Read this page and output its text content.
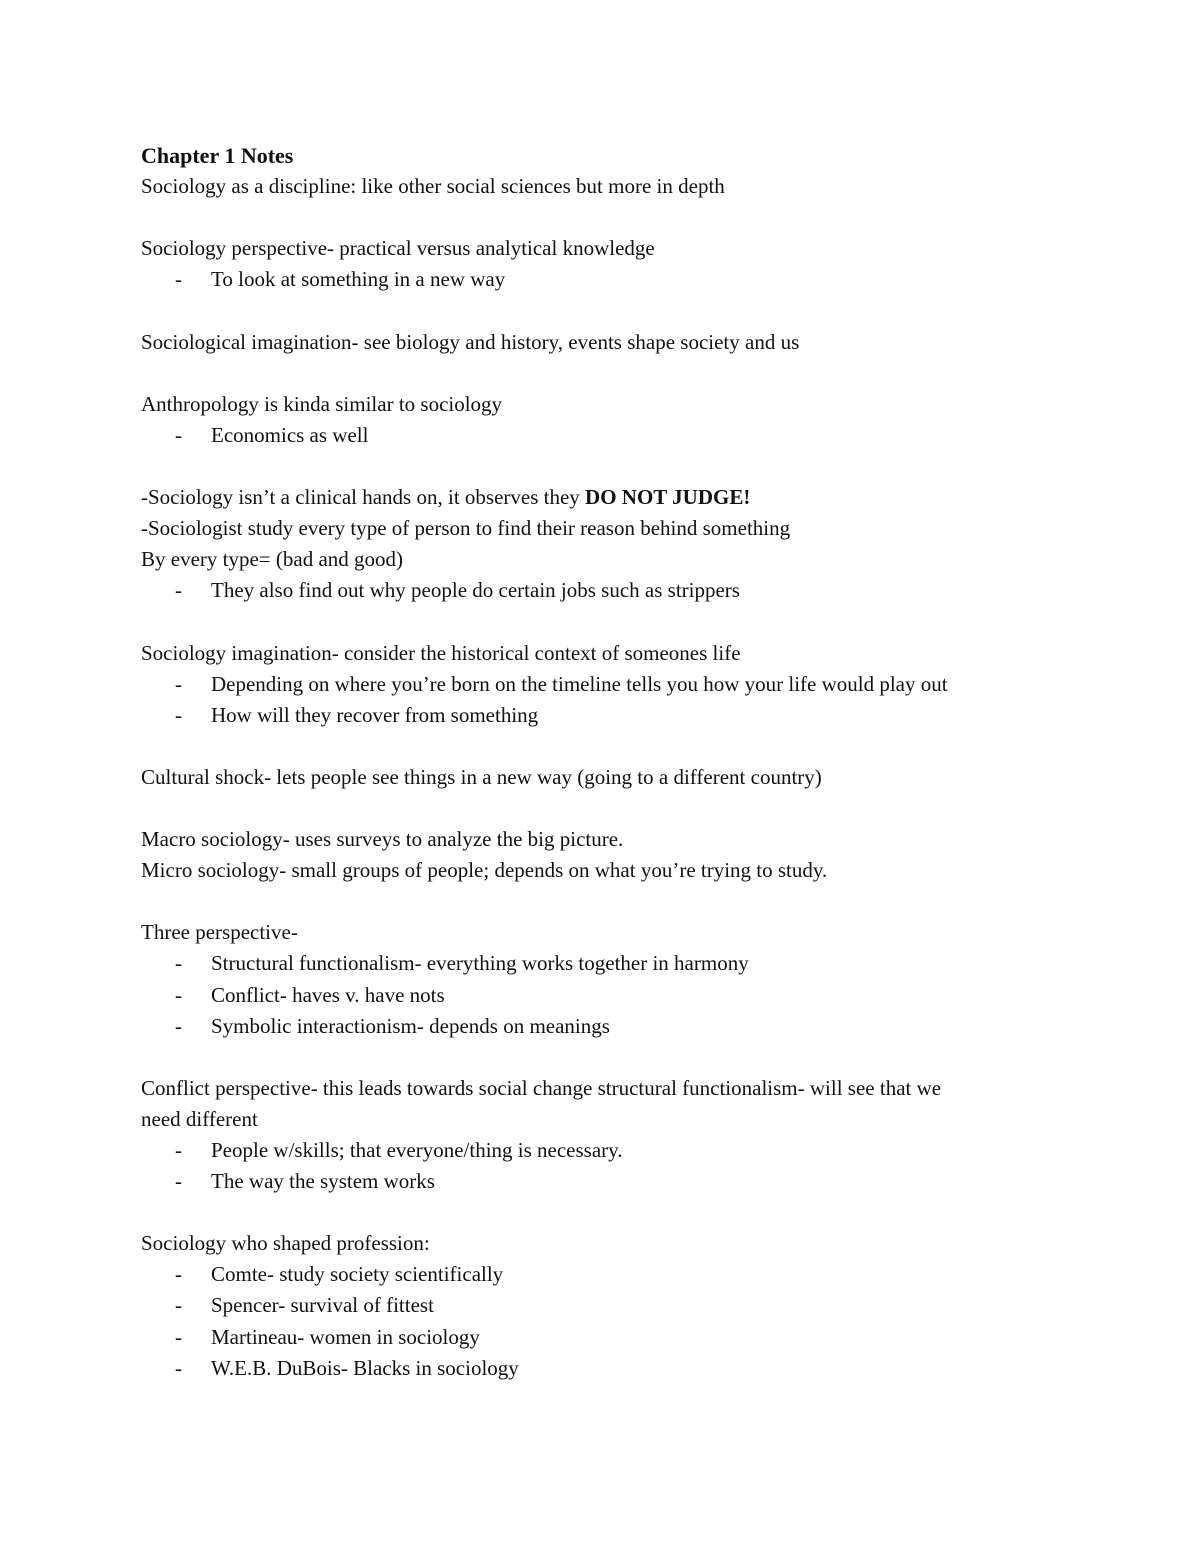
Chapter 1 Notes
Sociology as a discipline: like other social sciences but more in depth
Sociology perspective- practical versus analytical knowledge
- To look at something in a new way
Sociological imagination- see biology and history, events shape society and us
Anthropology is kinda similar to sociology
- Economics as well
-Sociology isn’t a clinical hands on, it observes they DO NOT JUDGE!
-Sociologist study every type of person to find their reason behind something
By every type= (bad and good)
- They also find out why people do certain jobs such as strippers
Sociology imagination- consider the historical context of someones life
- Depending on where you’re born on the timeline tells you how your life would play out
- How will they recover from something
Cultural shock- lets people see things in a new way (going to a different country)
Macro sociology- uses surveys to analyze the big picture.
Micro sociology- small groups of people; depends on what you’re trying to study.
Three perspective-
- Structural functionalism- everything works together in harmony
- Conflict- haves v. have nots
- Symbolic interactionism- depends on meanings
Conflict perspective- this leads towards social change structural functionalism- will see that we
need different
- People w/skills; that everyone/thing is necessary.
- The way the system works
Sociology who shaped profession:
- Comte- study society scientifically
- Spencer- survival of fittest
- Martineau- women in sociology
- W.E.B. DuBois- Blacks in sociology
